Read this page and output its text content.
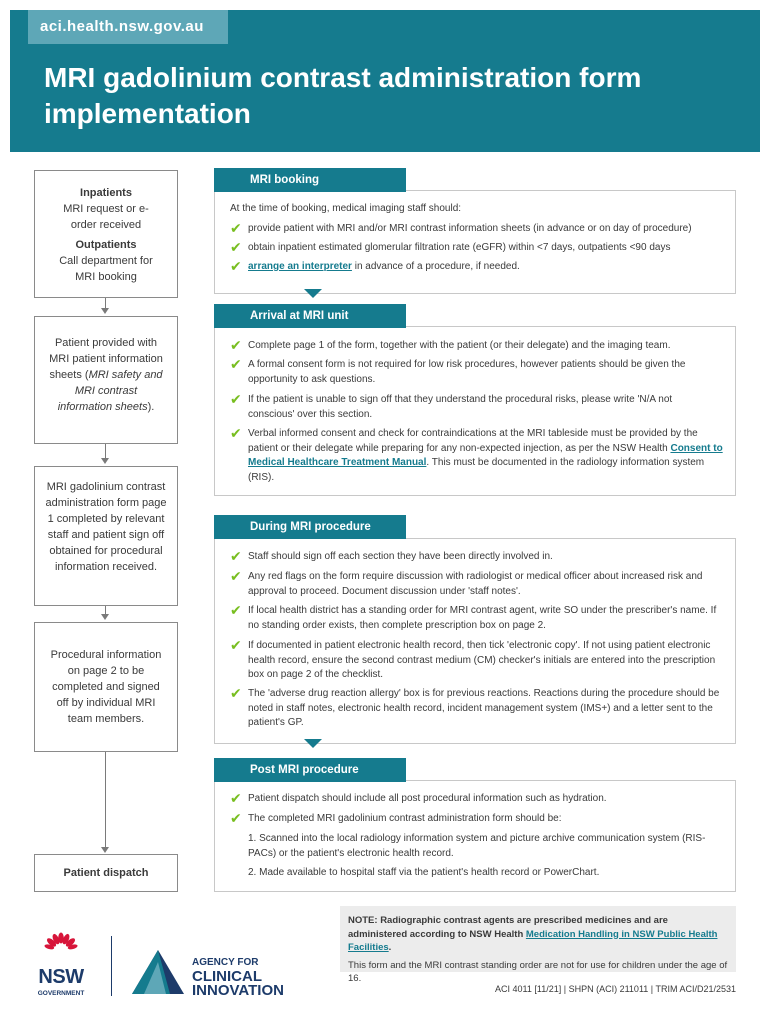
aci.health.nsw.gov.au
MRI gadolinium contrast administration form implementation
Inpatients
MRI request or e-order received
Outpatients
Call department for MRI booking
Patient provided with MRI patient information sheets (MRI safety and MRI contrast information sheets).
MRI gadolinium contrast administration form page 1 completed by relevant staff and patient sign off obtained for procedural information received.
Procedural information on page 2 to be completed and signed off by individual MRI team members.
Patient dispatch
MRI booking
At the time of booking, medical imaging staff should:
✔ provide patient with MRI and/or MRI contrast information sheets (in advance or on day of procedure)
✔ obtain inpatient estimated glomerular filtration rate (eGFR) within <7 days, outpatients <90 days
✔ arrange an interpreter in advance of a procedure, if needed.
Arrival at MRI unit
✔ Complete page 1 of the form, together with the patient (or their delegate) and the imaging team.
✔ A formal consent form is not required for low risk procedures, however patients should be given the opportunity to ask questions.
✔ If the patient is unable to sign off that they understand the procedural risks, please write 'N/A not conscious' over this section.
✔ Verbal informed consent and check for contraindications at the MRI tableside must be provided by the patient or their delegate while preparing for any non-expected injection, as per the NSW Health Consent to Medical Healthcare Treatment Manual. This must be documented in the radiology information system (RIS).
During MRI procedure
✔ Staff should sign off each section they have been directly involved in.
✔ Any red flags on the form require discussion with radiologist or medical officer about increased risk and approval to proceed. Document discussion under 'staff notes'.
✔ If local health district has a standing order for MRI contrast agent, write SO under the prescriber's name. If no standing order exists, then complete prescription box on page 2.
✔ If documented in patient electronic health record, then tick 'electronic copy'. If not using patient electronic health record, ensure the second contrast medium (CM) checker's initials are entered into the prescription box on page 2 of the checklist.
✔ The 'adverse drug reaction allergy' box is for previous reactions. Reactions during the procedure should be noted in staff notes, electronic health record, incident management system (IMS+) and a letter sent to the patient's GP.
Post MRI procedure
✔ Patient dispatch should include all post procedural information such as hydration.
✔ The completed MRI gadolinium contrast administration form should be:
1. Scanned into the local radiology information system and picture archive communication system (RIS-PACs) or the patient's electronic health record.
2. Made available to hospital staff via the patient's health record or PowerChart.
NOTE: Radiographic contrast agents are prescribed medicines and are administered according to NSW Health Medication Handling in NSW Public Health Facilities.
This form and the MRI contrast standing order are not for use for children under the age of 16.
ACI 4011 [11/21] | SHPN (ACI) 211011 | TRIM ACI/D21/2531
NSW
GOVERNMENT
AGENCY FOR
CLINICAL
INNOVATION
